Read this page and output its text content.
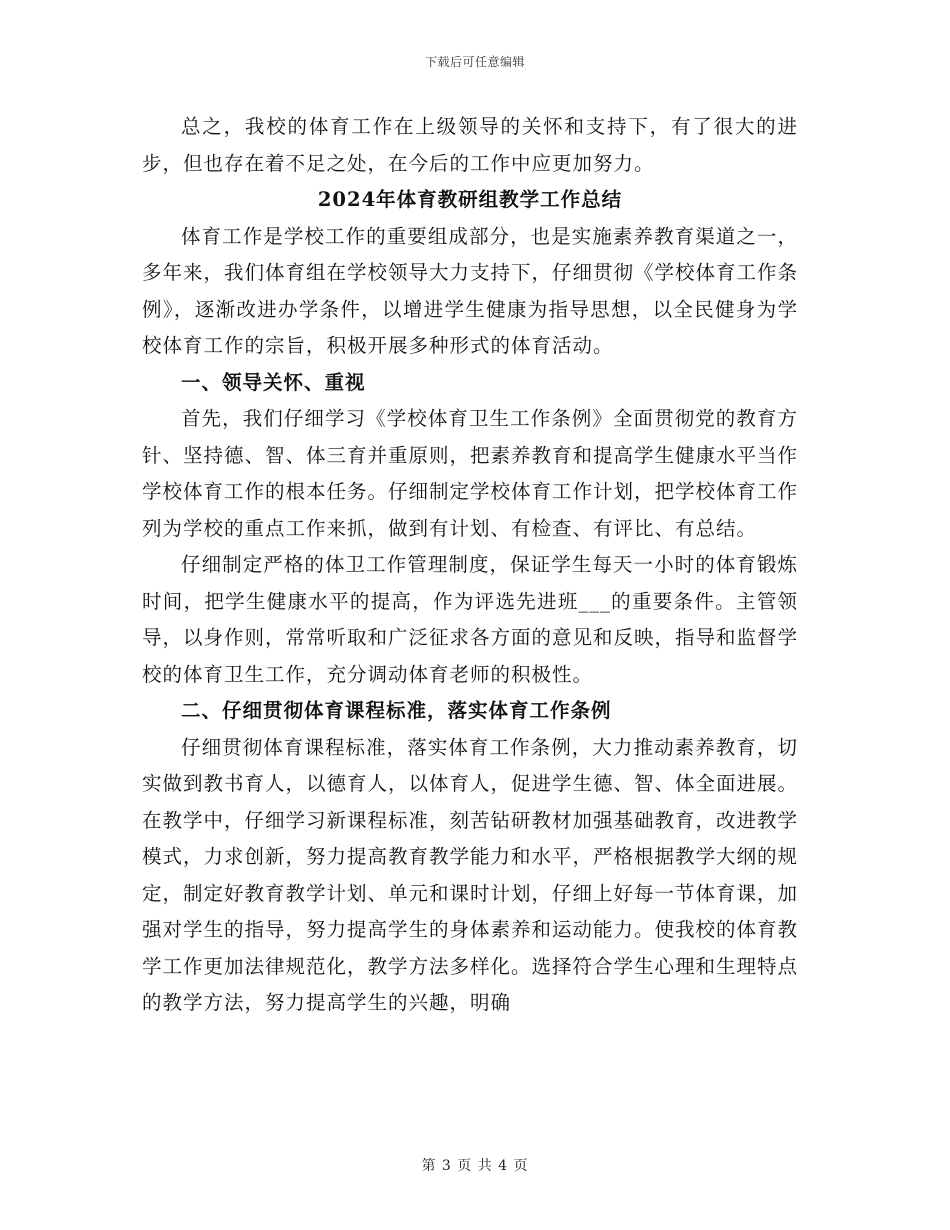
下载后可任意编辑

总之，我校的体育工作在上级领导的关怀和支持下，有了很大的进步，但也存在着不足之处，在今后的工作中应更加努力。

2024年体育教研组教学工作总结

体育工作是学校工作的重要组成部分，也是实施素养教育渠道之一，多年来，我们体育组在学校领导大力支持下，仔细贯彻《学校体育工作条例》，逐渐改进办学条件，以增进学生健康为指导思想，以全民健身为学校体育工作的宗旨，积极开展多种形式的体育活动。

一、领导关怀、重视

首先，我们仔细学习《学校体育卫生工作条例》全面贯彻党的教育方针、坚持德、智、体三育并重原则，把素养教育和提高学生健康水平当作学校体育工作的根本任务。仔细制定学校体育工作计划，把学校体育工作列为学校的重点工作来抓，做到有计划、有检查、有评比、有总结。

仔细制定严格的体卫工作管理制度，保证学生每天一小时的体育锻炼时间，把学生健康水平的提高，作为评选先进班___的重要条件。主管领导，以身作则，常常听取和广泛征求各方面的意见和反映，指导和监督学校的体育卫生工作，充分调动体育老师的积极性。

二、仔细贯彻体育课程标准，落实体育工作条例

仔细贯彻体育课程标准，落实体育工作条例，大力推动素养教育，切实做到教书育人，以德育人，以体育人，促进学生德、智、体全面进展。在教学中，仔细学习新课程标准，刻苦钻研教材加强基础教育，改进教学模式，力求创新，努力提高教育教学能力和水平，严格根据教学大纲的规定，制定好教育教学计划、单元和课时计划，仔细上好每一节体育课，加强对学生的指导，努力提高学生的身体素养和运动能力。使我校的体育教学工作更加法律规范化，教学方法多样化。选择符合学生心理和生理特点的教学方法，努力提高学生的兴趣，明确

第 3 页 共 4 页
